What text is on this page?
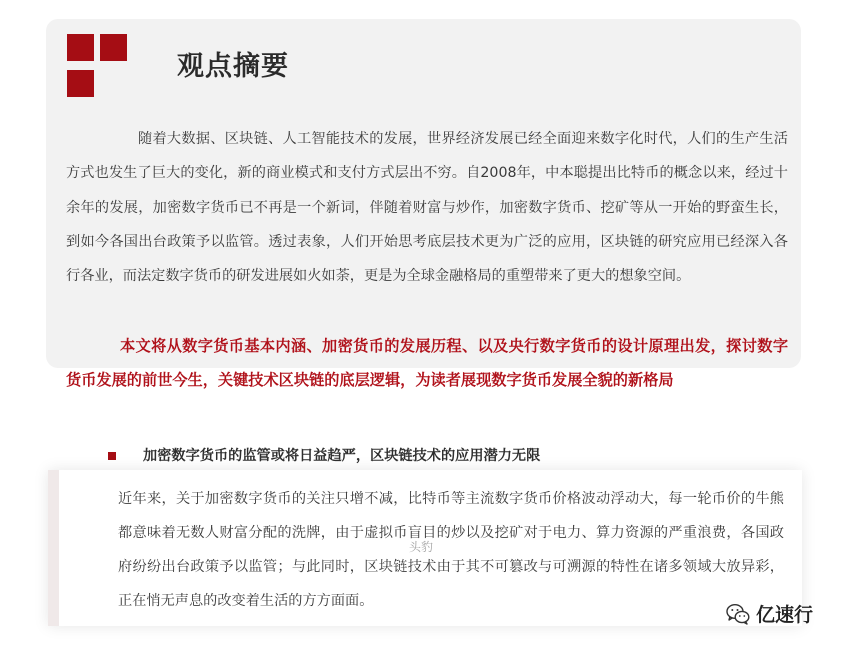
观点摘要

随着大数据、区块链、人工智能技术的发展，世界经济发展已经全面迎来数字化时代，人们的生产生活方式也发生了巨大的变化，新的商业模式和支付方式层出不穷。自2008年，中本聪提出比特币的概念以来，经过十余年的发展，加密数字货币已不再是一个新词，伴随着财富与炒作，加密数字货币、挖矿等从一开始的野蛮生长，到如今各国出台政策予以监管。透过表象，人们开始思考底层技术更为广泛的应用，区块链的研究应用已经深入各行各业，而法定数字货币的研发进展如火如荼，更是为全球金融格局的重塑带来了更大的想象空间。

本文将从数字货币基本内涵、加密货币的发展历程、以及央行数字货币的设计原理出发，探讨数字货币发展的前世今生，关键技术区块链的底层逻辑，为读者展现数字货币发展全貌的新格局

加密数字货币的监管或将日益趋严，区块链技术的应用潜力无限

近年来，关于加密数字货币的关注只增不减，比特币等主流数字货币价格波动浮动大，每一轮币价的牛熊都意味着无数人财富分配的洗牌，由于虚拟币盲目的炒以及挖矿对于电力、算力资源的严重浪费，各国政府纷纷出台政策予以监管；与此同时，区块链技术由于其不可篡改与可溯源的特性在诸多领域大放异彩，正在悄无声息的改变着生活的方方面面。

头豹
亿速行
